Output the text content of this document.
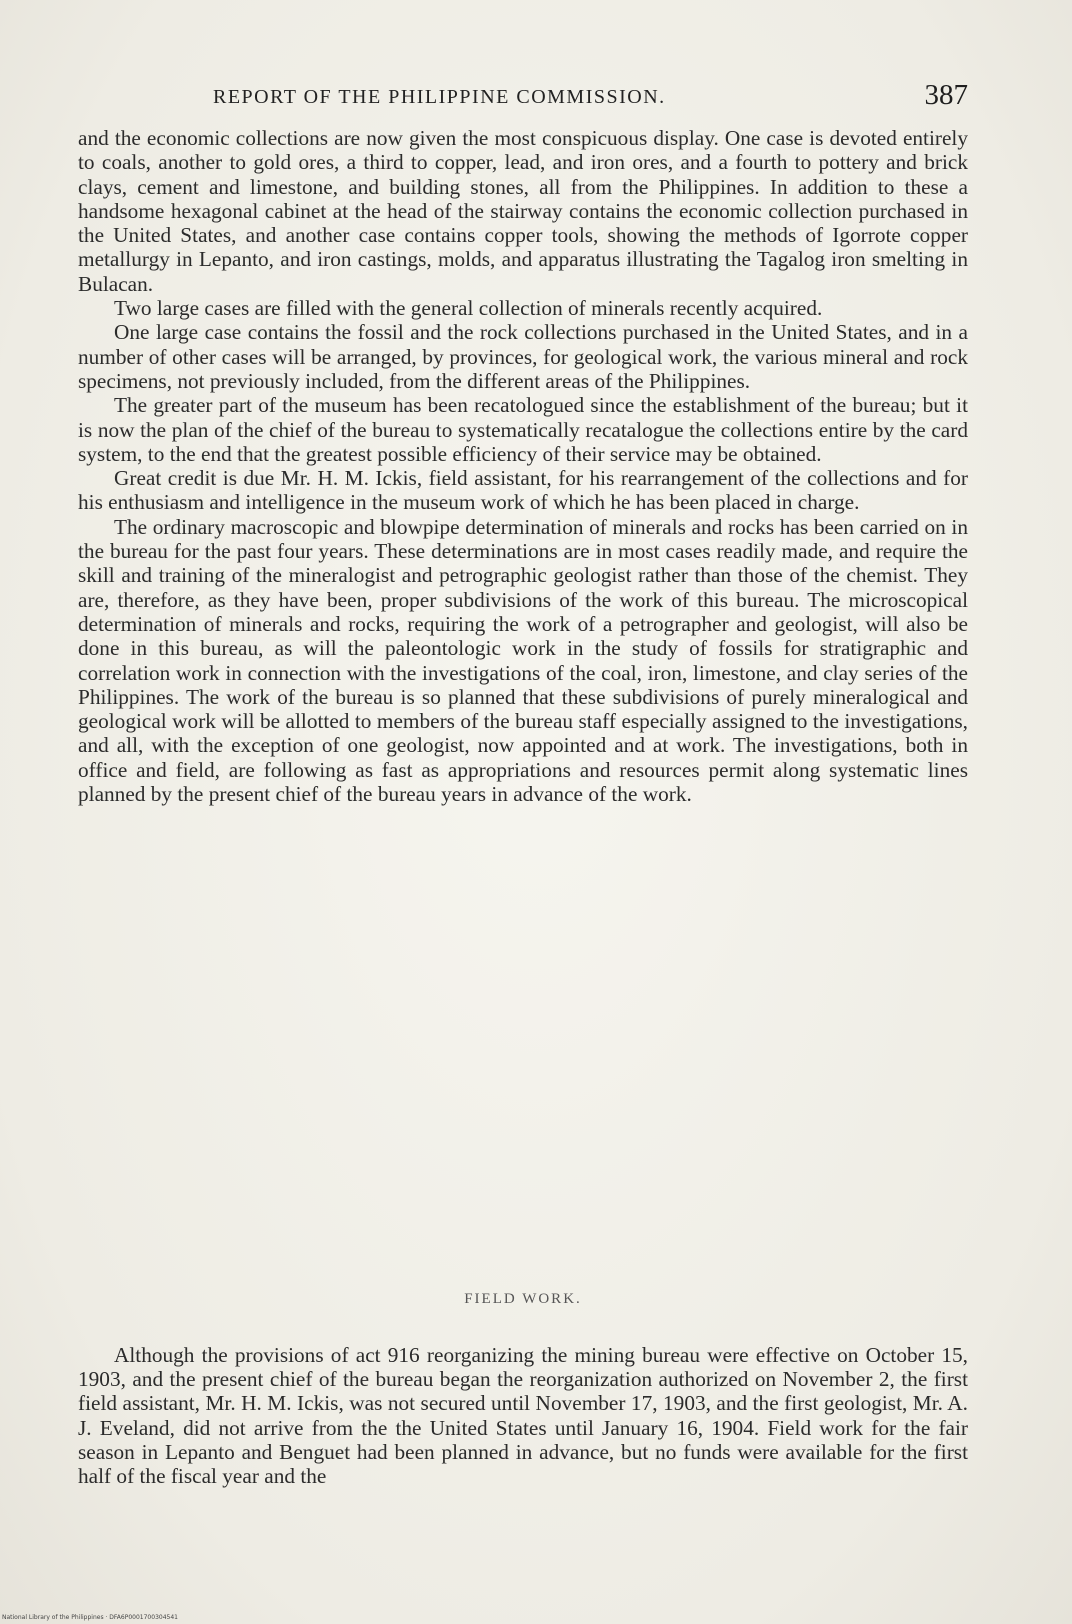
REPORT OF THE PHILIPPINE COMMISSION.	387

and the economic collections are now given the most conspicuous display. One case is devoted entirely to coals, another to gold ores, a third to copper, lead, and iron ores, and a fourth to pottery and brick clays, cement and limestone, and building stones, all from the Philippines. In addition to these a handsome hexagonal cabinet at the head of the stairway contains the economic collection purchased in the United States, and another case contains copper tools, showing the methods of Igorrote copper metallurgy in Lepanto, and iron castings, molds, and apparatus illustrating the Tagalog iron smelting in Bulacan.

Two large cases are filled with the general collection of minerals recently acquired.

One large case contains the fossil and the rock collections purchased in the United States, and in a number of other cases will be arranged, by provinces, for geological work, the various mineral and rock specimens, not previously included, from the different areas of the Philippines.

The greater part of the museum has been recatologued since the establishment of the bureau; but it is now the plan of the chief of the bureau to systematically recatalogue the collections entire by the card system, to the end that the greatest possible efficiency of their service may be obtained.

Great credit is due Mr. H. M. Ickis, field assistant, for his rearrangement of the collections and for his enthusiasm and intelligence in the museum work of which he has been placed in charge.

The ordinary macroscopic and blowpipe determination of minerals and rocks has been carried on in the bureau for the past four years. These determinations are in most cases readily made, and require the skill and training of the mineralogist and petrographic geologist rather than those of the chemist. They are, therefore, as they have been, proper subdivisions of the work of this bureau. The microscopical determination of minerals and rocks, requiring the work of a petrographer and geologist, will also be done in this bureau, as will the paleontologic work in the study of fossils for stratigraphic and correlation work in connection with the investigations of the coal, iron, limestone, and clay series of the Philippines. The work of the bureau is so planned that these subdivisions of purely mineralogical and geological work will be allotted to members of the bureau staff especially assigned to the investigations, and all, with the exception of one geologist, now appointed and at work. The investigations, both in office and field, are following as fast as appropriations and resources permit along systematic lines planned by the present chief of the bureau years in advance of the work.

FIELD WORK.

Although the provisions of act 916 reorganizing the mining bureau were effective on October 15, 1903, and the present chief of the bureau began the reorganization authorized on November 2, the first field assistant, Mr. H. M. Ickis, was not secured until November 17, 1903, and the first geologist, Mr. A. J. Eveland, did not arrive from the the United States until January 16, 1904. Field work for the fair season in Lepanto and Benguet had been planned in advance, but no funds were available for the first half of the fiscal year and the

National Library of the Philippines · DFA6P0001700304541
